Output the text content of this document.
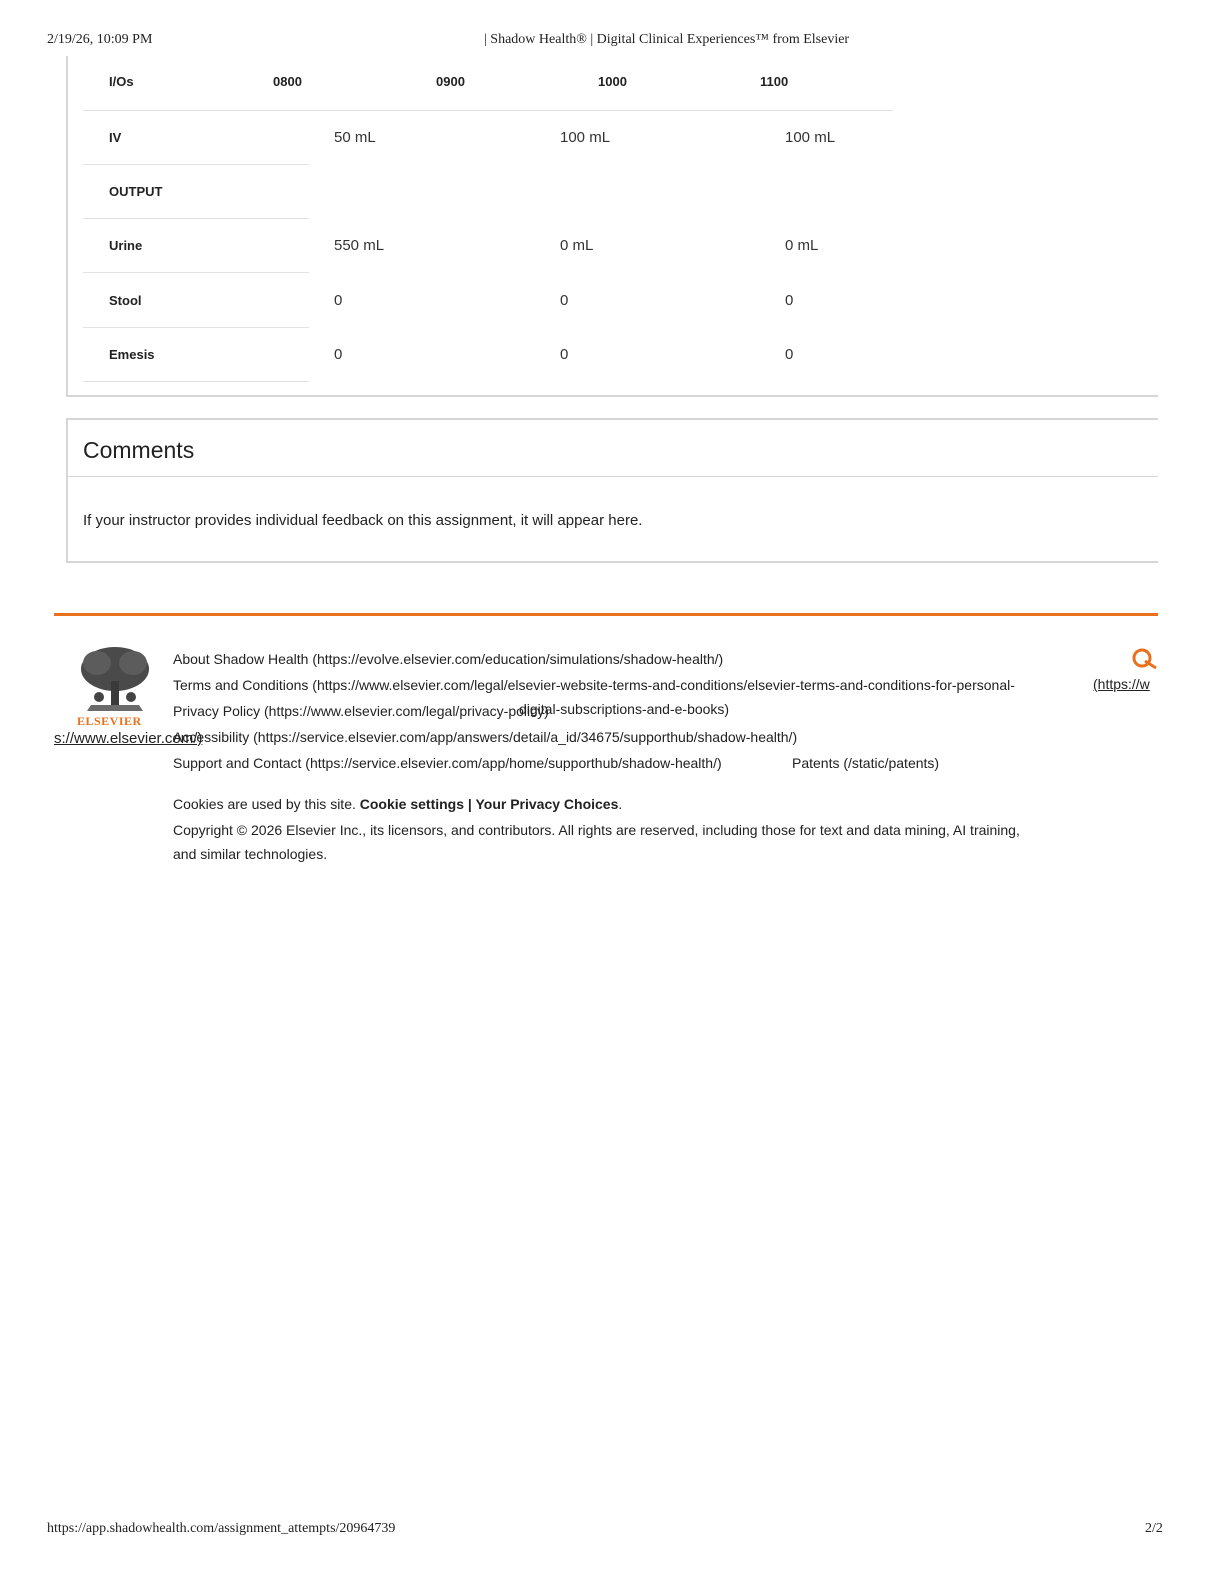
2/19/26, 10:09 PM	| Shadow Health® | Digital Clinical Experiences™ from Elsevier
I/Os	0800	0900	1000	1100
IV	50 mL	100 mL	100 mL
OUTPUT
Urine	550 mL	0 mL	0 mL
Stool	0	0	0
Emesis	0	0	0
Comments
If your instructor provides individual feedback on this assignment, it will appear here.
ELSEVIER
s://www.elsevier.com/)
About Shadow Health (https://evolve.elsevier.com/education/simulations/shadow-health/)
Terms and Conditions (https://www.elsevier.com/legal/elsevier-website-terms-and-conditions/elsevier-terms-and-conditions-for-personal-	(https://w
Privacy Policy (https://www.elsevier.com/legal/privacy-policy)
digital-subscriptions-and-e-books)
Accessibility (https://service.elsevier.com/app/answers/detail/a_id/34675/supporthub/shadow-health/)
Support and Contact (https://service.elsevier.com/app/home/supporthub/shadow-health/)	Patents (/static/patents)
Cookies are used by this site. Cookie settings | Your Privacy Choices.
Copyright © 2026 Elsevier Inc., its licensors, and contributors. All rights are reserved, including those for text and data mining, AI training,
and similar technologies.
https://app.shadowhealth.com/assignment_attempts/20964739	2/2
